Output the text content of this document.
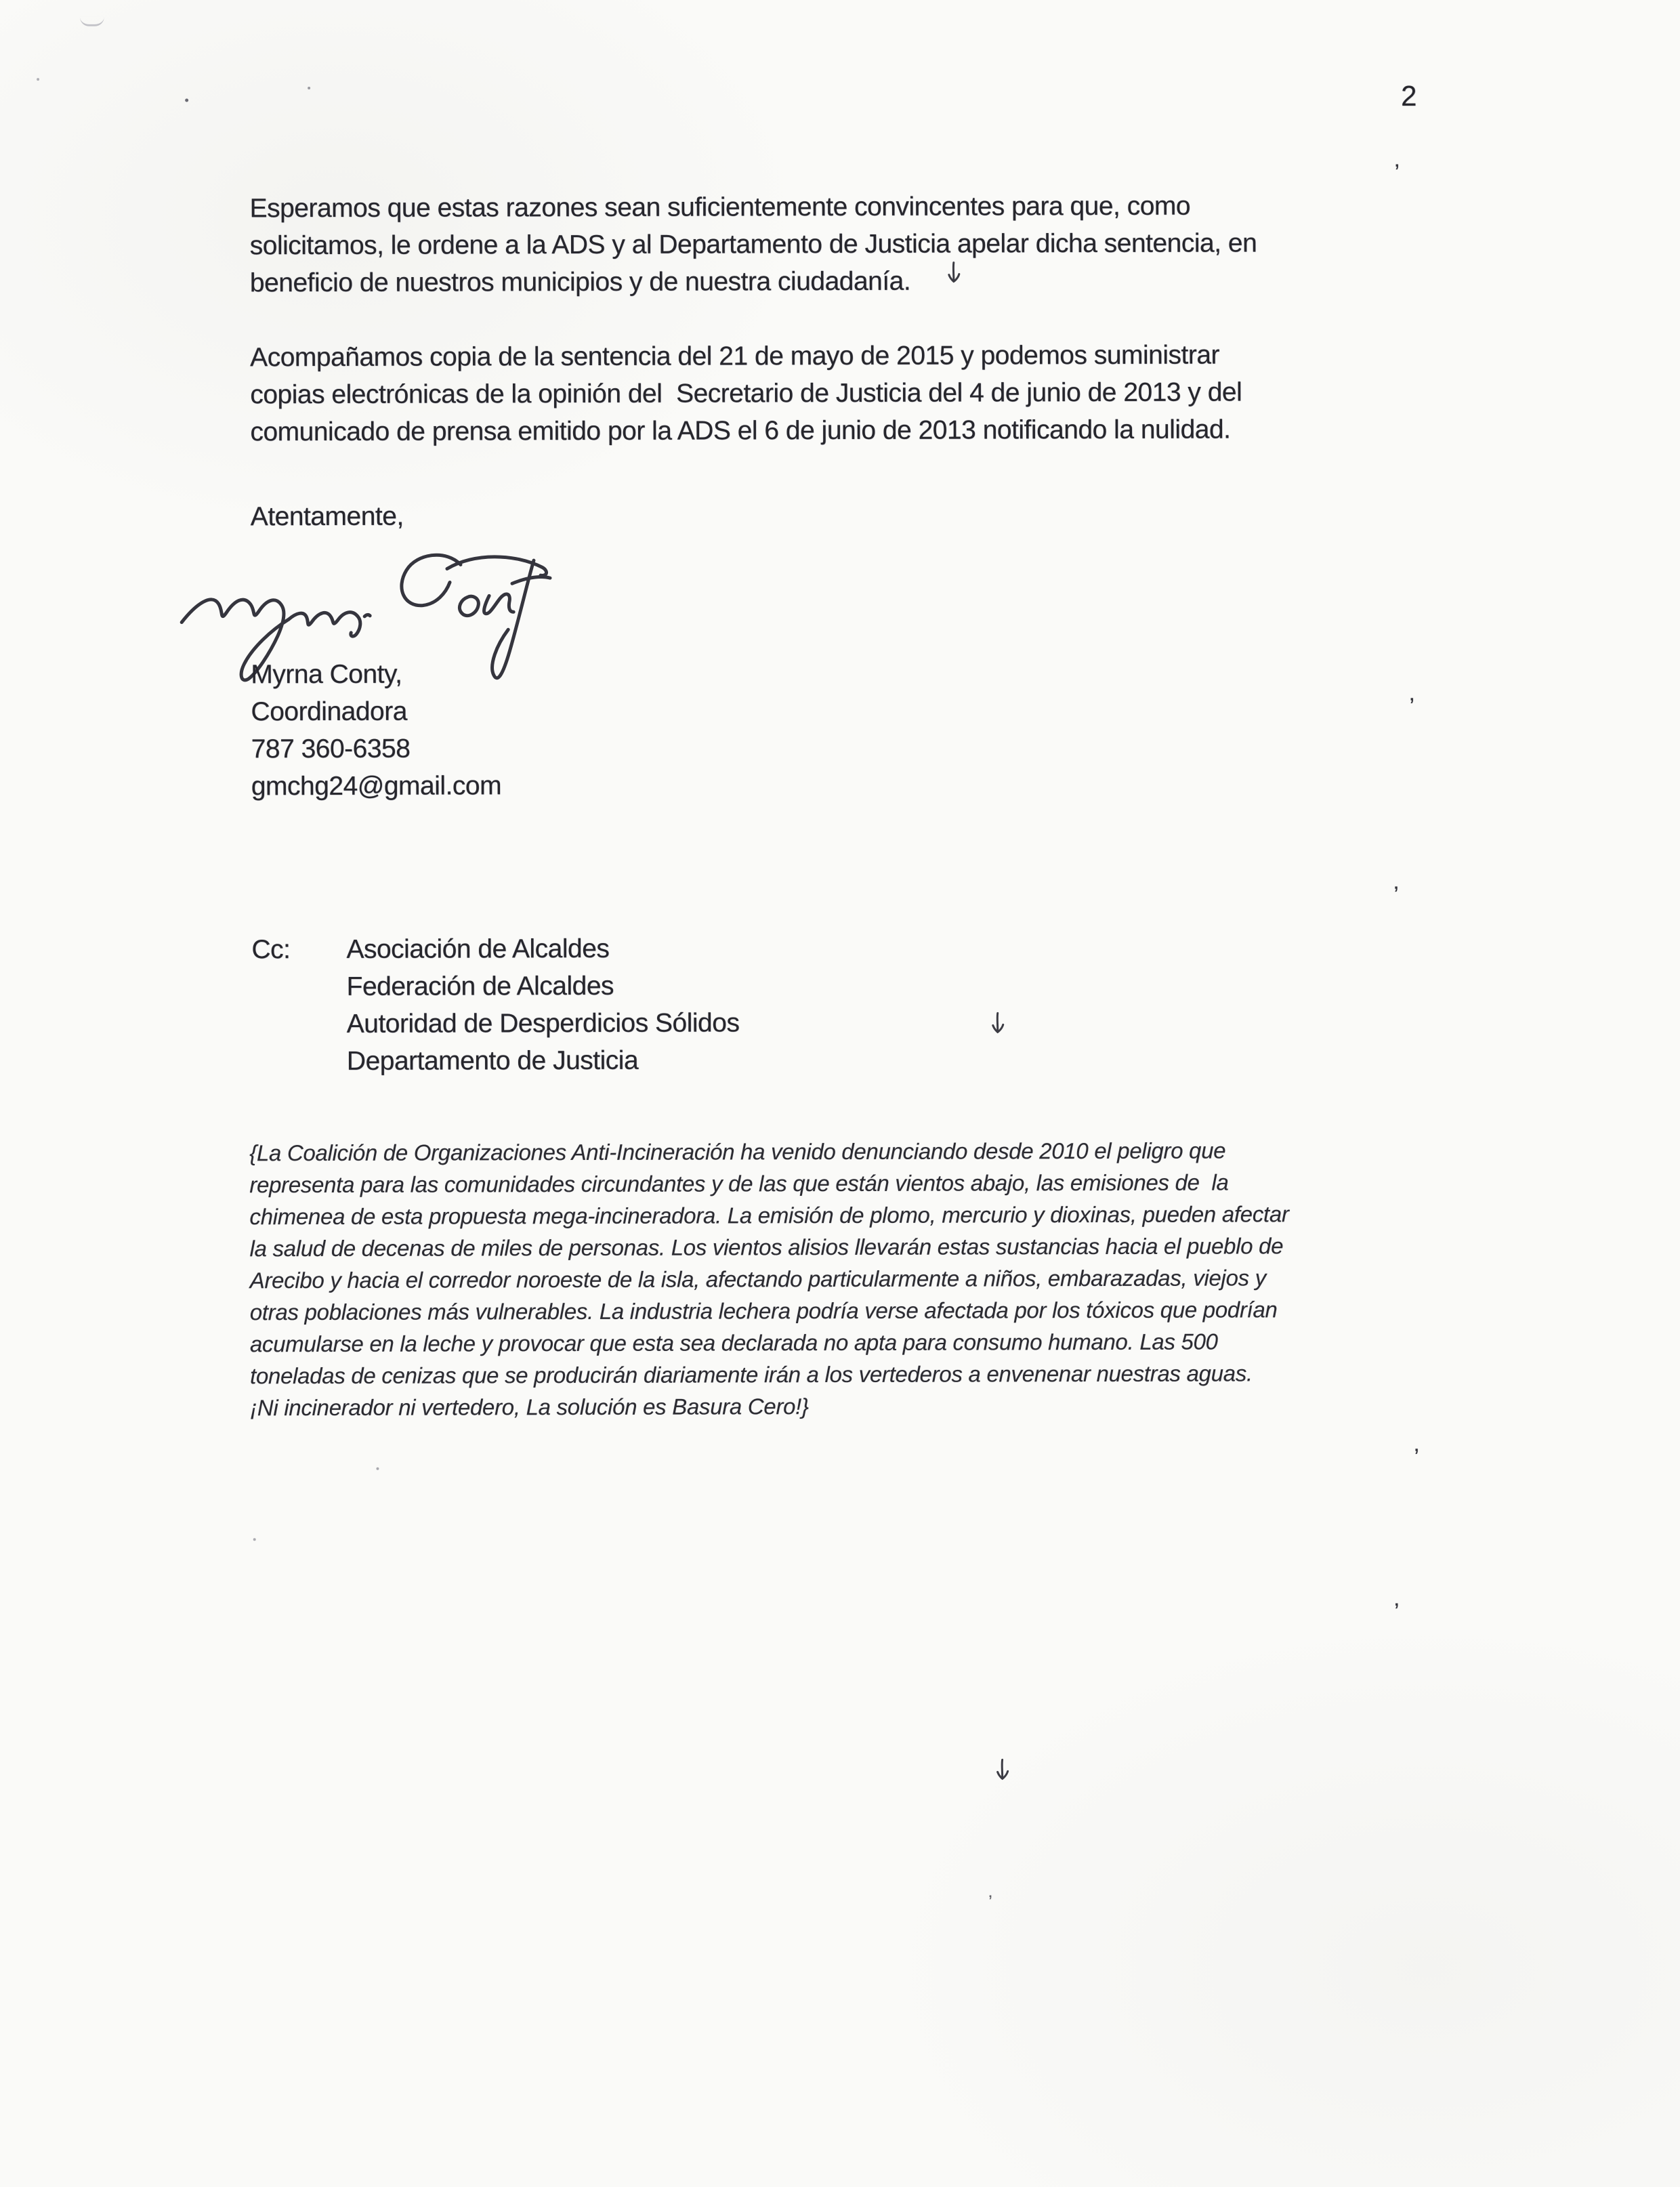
2
Esperamos que estas razones sean suficientemente convincentes para que, como
solicitamos, le ordene a la ADS y al Departamento de Justicia apelar dicha sentencia, en
beneficio de nuestros municipios y de nuestra ciudadanía.
Acompañamos copia de la sentencia del 21 de mayo de 2015 y podemos suministrar
copias electrónicas de la opinión del  Secretario de Justicia del 4 de junio de 2013 y del
comunicado de prensa emitido por la ADS el 6 de junio de 2013 notificando la nulidad.
Atentamente,
Myrna Conty,
Coordinadora
787 360-6358
gmchg24@gmail.com
Cc:	Asociación de Alcaldes
Federación de Alcaldes
Autoridad de Desperdicios Sólidos
Departamento de Justicia
{La Coalición de Organizaciones Anti-Incineración ha venido denunciando desde 2010 el peligro que
representa para las comunidades circundantes y de las que están vientos abajo, las emisiones de  la
chimenea de esta propuesta mega-incineradora. La emisión de plomo, mercurio y dioxinas, pueden afectar
la salud de decenas de miles de personas. Los vientos alisios llevarán estas sustancias hacia el pueblo de
Arecibo y hacia el corredor noroeste de la isla, afectando particularmente a niños, embarazadas, viejos y
otras poblaciones más vulnerables. La industria lechera podría verse afectada por los tóxicos que podrían
acumularse en la leche y provocar que esta sea declarada no apta para consumo humano. Las 500
toneladas de cenizas que se producirán diariamente irán a los vertederos a envenenar nuestras aguas.
¡Ni incinerador ni vertedero, La solución es Basura Cero!}
’
’
’
’
’
’
